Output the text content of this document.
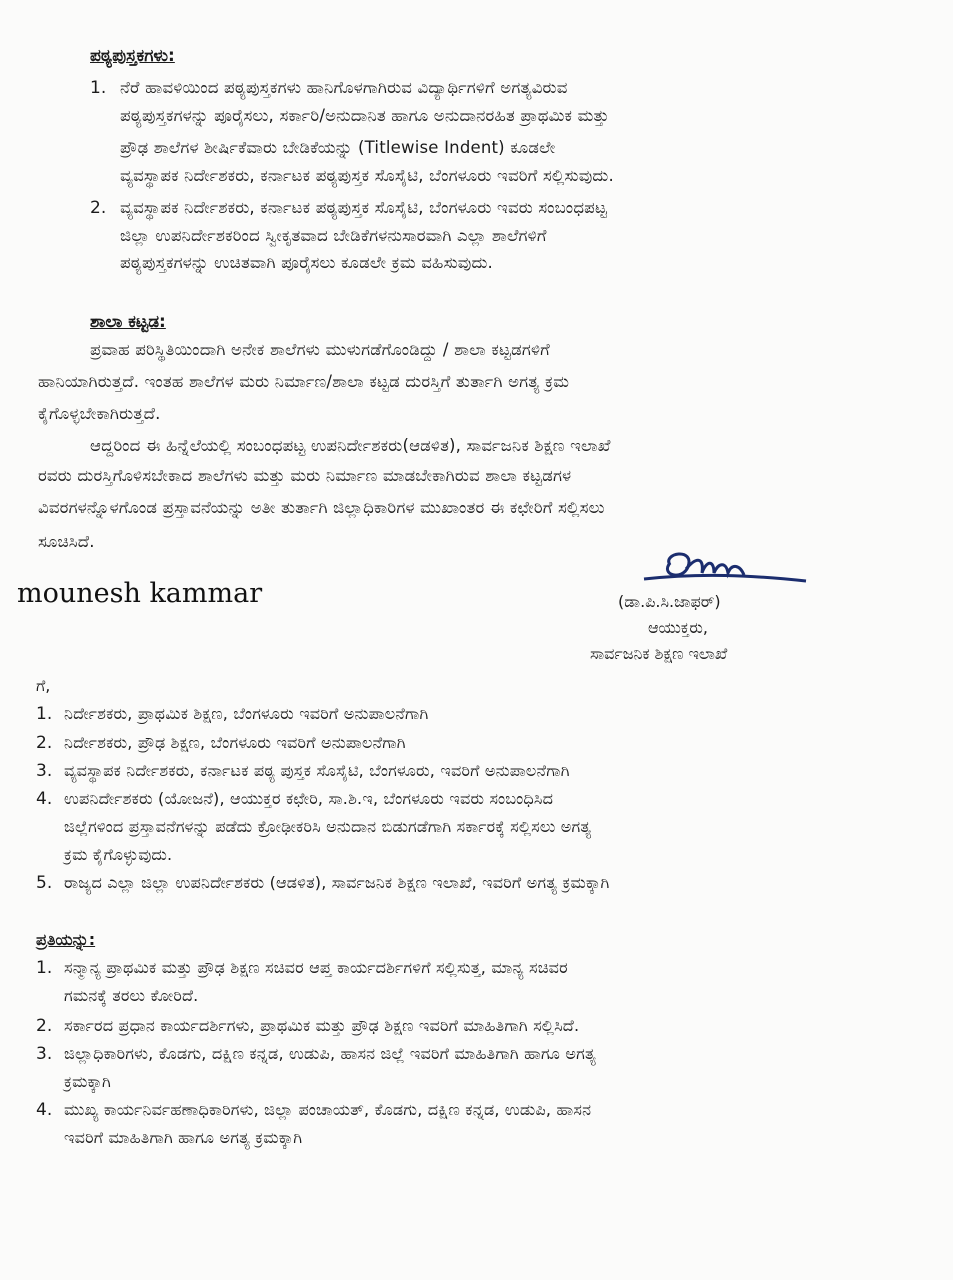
ಪಠ್ಯಪುಸ್ತಕಗಳು:
1. ನೆರೆ ಹಾವಳಿಯಿಂದ ಪಠ್ಯಪುಸ್ತಕಗಳು ಹಾನಿಗೊಳಗಾಗಿರುವ ವಿದ್ಯಾರ್ಥಿಗಳಿಗೆ ಅಗತ್ಯವಿರುವ
ಪಠ್ಯಪುಸ್ತಕಗಳನ್ನು ಪೂರೈಸಲು, ಸರ್ಕಾರಿ/ಅನುದಾನಿತ ಹಾಗೂ ಅನುದಾನರಹಿತ ಪ್ರಾಥಮಿಕ ಮತ್ತು
ಪ್ರೌಢ ಶಾಲೆಗಳ ಶೀರ್ಷಿಕೆವಾರು ಬೇಡಿಕೆಯನ್ನು (Titlewise Indent) ಕೂಡಲೇ
ವ್ಯವಸ್ಥಾಪಕ ನಿರ್ದೇಶಕರು, ಕರ್ನಾಟಕ ಪಠ್ಯಪುಸ್ತಕ ಸೊಸೈಟಿ, ಬೆಂಗಳೂರು ಇವರಿಗೆ ಸಲ್ಲಿಸುವುದು.
2. ವ್ಯವಸ್ಥಾಪಕ ನಿರ್ದೇಶಕರು, ಕರ್ನಾಟಕ ಪಠ್ಯಪುಸ್ತಕ ಸೊಸೈಟಿ, ಬೆಂಗಳೂರು ಇವರು ಸಂಬಂಧಪಟ್ಟ
ಜಿಲ್ಲಾ ಉಪನಿರ್ದೇಶಕರಿಂದ ಸ್ವೀಕೃತವಾದ ಬೇಡಿಕೆಗಳನುಸಾರವಾಗಿ ಎಲ್ಲಾ ಶಾಲೆಗಳಿಗೆ
ಪಠ್ಯಪುಸ್ತಕಗಳನ್ನು ಉಚಿತವಾಗಿ ಪೂರೈಸಲು ಕೂಡಲೇ ಕ್ರಮ ವಹಿಸುವುದು.
ಶಾಲಾ ಕಟ್ಟಡ:
ಪ್ರವಾಹ ಪರಿಸ್ಥಿತಿಯಿಂದಾಗಿ ಅನೇಕ ಶಾಲೆಗಳು ಮುಳುಗಡೆಗೊಂಡಿದ್ದು / ಶಾಲಾ ಕಟ್ಟಡಗಳಿಗೆ
ಹಾನಿಯಾಗಿರುತ್ತದೆ. ಇಂತಹ ಶಾಲೆಗಳ ಮರು ನಿರ್ಮಾಣ/ಶಾಲಾ ಕಟ್ಟಡ ದುರಸ್ತಿಗೆ ತುರ್ತಾಗಿ ಅಗತ್ಯ ಕ್ರಮ
ಕೈಗೊಳ್ಳಬೇಕಾಗಿರುತ್ತದೆ.
ಆದ್ದರಿಂದ ಈ ಹಿನ್ನೆಲೆಯಲ್ಲಿ ಸಂಬಂಧಪಟ್ಟ ಉಪನಿರ್ದೇಶಕರು(ಆಡಳಿತ), ಸಾರ್ವಜನಿಕ ಶಿಕ್ಷಣ ಇಲಾಖೆ
ರವರು ದುರಸ್ತಿಗೊಳಿಸಬೇಕಾದ ಶಾಲೆಗಳು ಮತ್ತು ಮರು ನಿರ್ಮಾಣ ಮಾಡಬೇಕಾಗಿರುವ ಶಾಲಾ ಕಟ್ಟಡಗಳ
ವಿವರಗಳನ್ನೊಳಗೊಂಡ ಪ್ರಸ್ತಾವನೆಯನ್ನು ಅತೀ ತುರ್ತಾಗಿ ಜಿಲ್ಲಾಧಿಕಾರಿಗಳ ಮುಖಾಂತರ ಈ ಕಛೇರಿಗೆ ಸಲ್ಲಿಸಲು
ಸೂಚಿಸಿದೆ.
mounesh kammar	(ಡಾ.ಪಿ.ಸಿ.ಜಾಫರ್)
ಆಯುಕ್ತರು,
ಸಾರ್ವಜನಿಕ ಶಿಕ್ಷಣ ಇಲಾಖೆ
ಗೆ,
1. ನಿರ್ದೇಶಕರು, ಪ್ರಾಥಮಿಕ ಶಿಕ್ಷಣ, ಬೆಂಗಳೂರು ಇವರಿಗೆ ಅನುಪಾಲನೆಗಾಗಿ
2. ನಿರ್ದೇಶಕರು, ಪ್ರೌಢ ಶಿಕ್ಷಣ, ಬೆಂಗಳೂರು ಇವರಿಗೆ ಅನುಪಾಲನೆಗಾಗಿ
3. ವ್ಯವಸ್ಥಾಪಕ ನಿರ್ದೇಶಕರು, ಕರ್ನಾಟಕ ಪಠ್ಯ ಪುಸ್ತಕ ಸೊಸೈಟಿ, ಬೆಂಗಳೂರು, ಇವರಿಗೆ ಅನುಪಾಲನೆಗಾಗಿ
4. ಉಪನಿರ್ದೇಶಕರು (ಯೋಜನೆ), ಆಯುಕ್ತರ ಕಛೇರಿ, ಸಾ.ಶಿ.ಇ, ಬೆಂಗಳೂರು ಇವರು ಸಂಬಂಧಿಸಿದ
ಜಿಲ್ಲೆಗಳಿಂದ ಪ್ರಸ್ತಾವನೆಗಳನ್ನು ಪಡೆದು ಕ್ರೋಢೀಕರಿಸಿ ಅನುದಾನ ಬಿಡುಗಡೆಗಾಗಿ ಸರ್ಕಾರಕ್ಕೆ ಸಲ್ಲಿಸಲು ಅಗತ್ಯ
ಕ್ರಮ ಕೈಗೊಳ್ಳುವುದು.
5. ರಾಜ್ಯದ ಎಲ್ಲಾ ಜಿಲ್ಲಾ ಉಪನಿರ್ದೇಶಕರು (ಆಡಳಿತ), ಸಾರ್ವಜನಿಕ ಶಿಕ್ಷಣ ಇಲಾಖೆ, ಇವರಿಗೆ ಅಗತ್ಯ ಕ್ರಮಕ್ಕಾಗಿ
ಪ್ರತಿಯನ್ನು:
1. ಸನ್ಮಾನ್ಯ ಪ್ರಾಥಮಿಕ ಮತ್ತು ಪ್ರೌಢ ಶಿಕ್ಷಣ ಸಚಿವರ ಆಪ್ತ ಕಾರ್ಯದರ್ಶಿಗಳಿಗೆ ಸಲ್ಲಿಸುತ್ತ, ಮಾನ್ಯ ಸಚಿವರ
ಗಮನಕ್ಕೆ ತರಲು ಕೋರಿದೆ.
2. ಸರ್ಕಾರದ ಪ್ರಧಾನ ಕಾರ್ಯದರ್ಶಿಗಳು, ಪ್ರಾಥಮಿಕ ಮತ್ತು ಪ್ರೌಢ ಶಿಕ್ಷಣ ಇವರಿಗೆ ಮಾಹಿತಿಗಾಗಿ ಸಲ್ಲಿಸಿದೆ.
3. ಜಿಲ್ಲಾಧಿಕಾರಿಗಳು, ಕೊಡಗು, ದಕ್ಷಿಣ ಕನ್ನಡ, ಉಡುಪಿ, ಹಾಸನ ಜಿಲ್ಲೆ ಇವರಿಗೆ ಮಾಹಿತಿಗಾಗಿ ಹಾಗೂ ಅಗತ್ಯ
ಕ್ರಮಕ್ಕಾಗಿ
4. ಮುಖ್ಯ ಕಾರ್ಯನಿರ್ವಹಣಾಧಿಕಾರಿಗಳು, ಜಿಲ್ಲಾ ಪಂಚಾಯತ್, ಕೊಡಗು, ದಕ್ಷಿಣ ಕನ್ನಡ, ಉಡುಪಿ, ಹಾಸನ
ಇವರಿಗೆ ಮಾಹಿತಿಗಾಗಿ ಹಾಗೂ ಅಗತ್ಯ ಕ್ರಮಕ್ಕಾಗಿ
